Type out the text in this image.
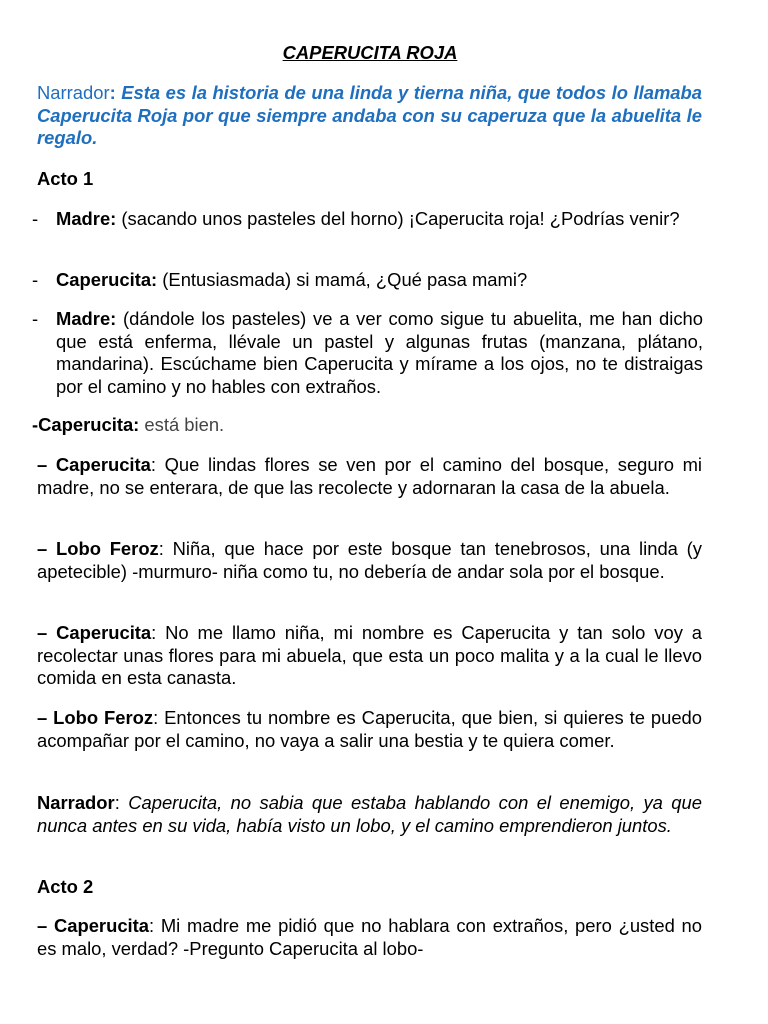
CAPERUCITA ROJA
Narrador: Esta es la historia de una linda y tierna niña, que todos lo llamaba Caperucita Roja por que siempre andaba con su caperuza que la abuelita le regalo.
Acto 1
- Madre: (sacando unos pasteles del horno) ¡Caperucita roja! ¿Podrías venir?
- Caperucita: (Entusiasmada) si mamá, ¿Qué pasa mami?
- Madre: (dándole los pasteles) ve a ver como sigue tu abuelita, me han dicho que está enferma, llévale un pastel y algunas frutas (manzana, plátano, mandarina). Escúchame bien Caperucita y mírame a los ojos, no te distraigas por el camino y no hables con extraños.
-Caperucita: está bien.
– Caperucita: Que lindas flores se ven por el camino del bosque, seguro mi madre, no se enterara, de que las recolecte y adornaran la casa de la abuela.
– Lobo Feroz: Niña, que hace por este bosque tan tenebrosos, una linda (y apetecible) -murmuro- niña como tu, no debería de andar sola por el bosque.
– Caperucita: No me llamo niña, mi nombre es Caperucita y tan solo voy a recolectar unas flores para mi abuela, que esta un poco malita y a la cual le llevo comida en esta canasta.
– Lobo Feroz: Entonces tu nombre es Caperucita, que bien, si quieres te puedo acompañar por el camino, no vaya a salir una bestia y te quiera comer.
Narrador: Caperucita, no sabia que estaba hablando con el enemigo, ya que nunca antes en su vida, había visto un lobo, y el camino emprendieron juntos.
Acto 2
– Caperucita: Mi madre me pidió que no hablara con extraños, pero ¿usted no es malo, verdad? -Pregunto Caperucita al lobo-
